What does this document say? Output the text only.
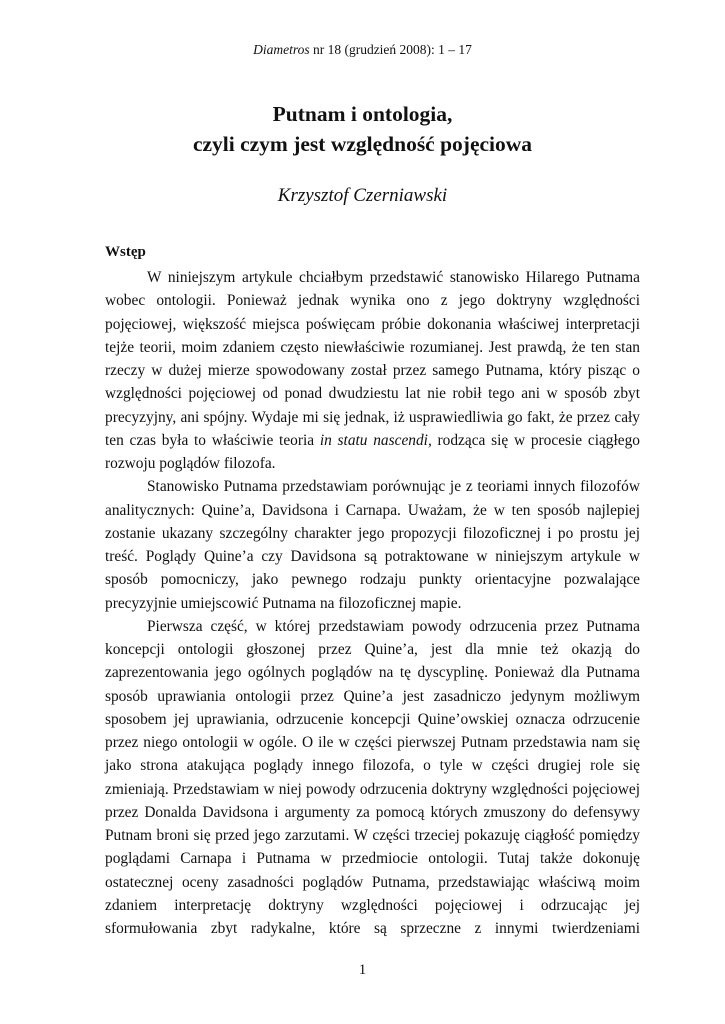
Diametros nr 18 (grudzień 2008): 1 – 17
Putnam i ontologia,
czyli czym jest względność pojęciowa
Krzysztof Czerniawski
Wstęp

W niniejszym artykule chciałbym przedstawić stanowisko Hilarego Putnama wobec ontologii. Ponieważ jednak wynika ono z jego doktryny względności pojęciowej, większość miejsca poświęcam próbie dokonania właściwej interpretacji tejże teorii, moim zdaniem często niewłaściwie rozumianej. Jest prawdą, że ten stan rzeczy w dużej mierze spowodowany został przez samego Putnama, który pisząc o względności pojęciowej od ponad dwudziestu lat nie robił tego ani w sposób zbyt precyzyjny, ani spójny. Wydaje mi się jednak, iż usprawiedliwia go fakt, że przez cały ten czas była to właściwie teoria in statu nascendi, rodząca się w procesie ciągłego rozwoju poglądów filozofa.

Stanowisko Putnama przedstawiam porównując je z teoriami innych filozofów analitycznych: Quine’a, Davidsona i Carnapa. Uważam, że w ten sposób najlepiej zostanie ukazany szczególny charakter jego propozycji filozoficznej i po prostu jej treść. Poglądy Quine’a czy Davidsona są potraktowane w niniejszym artykule w sposób pomocniczy, jako pewnego rodzaju punkty orientacyjne pozwalające precyzyjnie umiejscowić Putnama na filozoficznej mapie.

Pierwsza część, w której przedstawiam powody odrzucenia przez Putnama koncepcji ontologii głoszonej przez Quine’a, jest dla mnie też okazją do zaprezentowania jego ogólnych poglądów na tę dyscyplinę. Ponieważ dla Putnama sposób uprawiania ontologii przez Quine’a jest zasadniczo jedynym możliwym sposobem jej uprawiania, odrzucenie koncepcji Quine’owskiej oznacza odrzucenie przez niego ontologii w ogóle. O ile w części pierwszej Putnam przedstawia nam się jako strona atakująca poglądy innego filozofa, o tyle w części drugiej role się zmieniają. Przedstawiam w niej powody odrzucenia doktryny względności pojęciowej przez Donalda Davidsona i argumenty za pomocą których zmuszony do defensywy Putnam broni się przed jego zarzutami. W części trzeciej pokazuję ciągłość pomiędzy poglądami Carnapa i Putnama w przedmiocie ontologii. Tutaj także dokonuję ostatecznej oceny zasadności poglądów Putnama, przedstawiając właściwą moim zdaniem interpretację doktryny względności pojęciowej i odrzucając jej sformułowania zbyt radykalne, które są sprzeczne z innymi twierdzeniami

1
